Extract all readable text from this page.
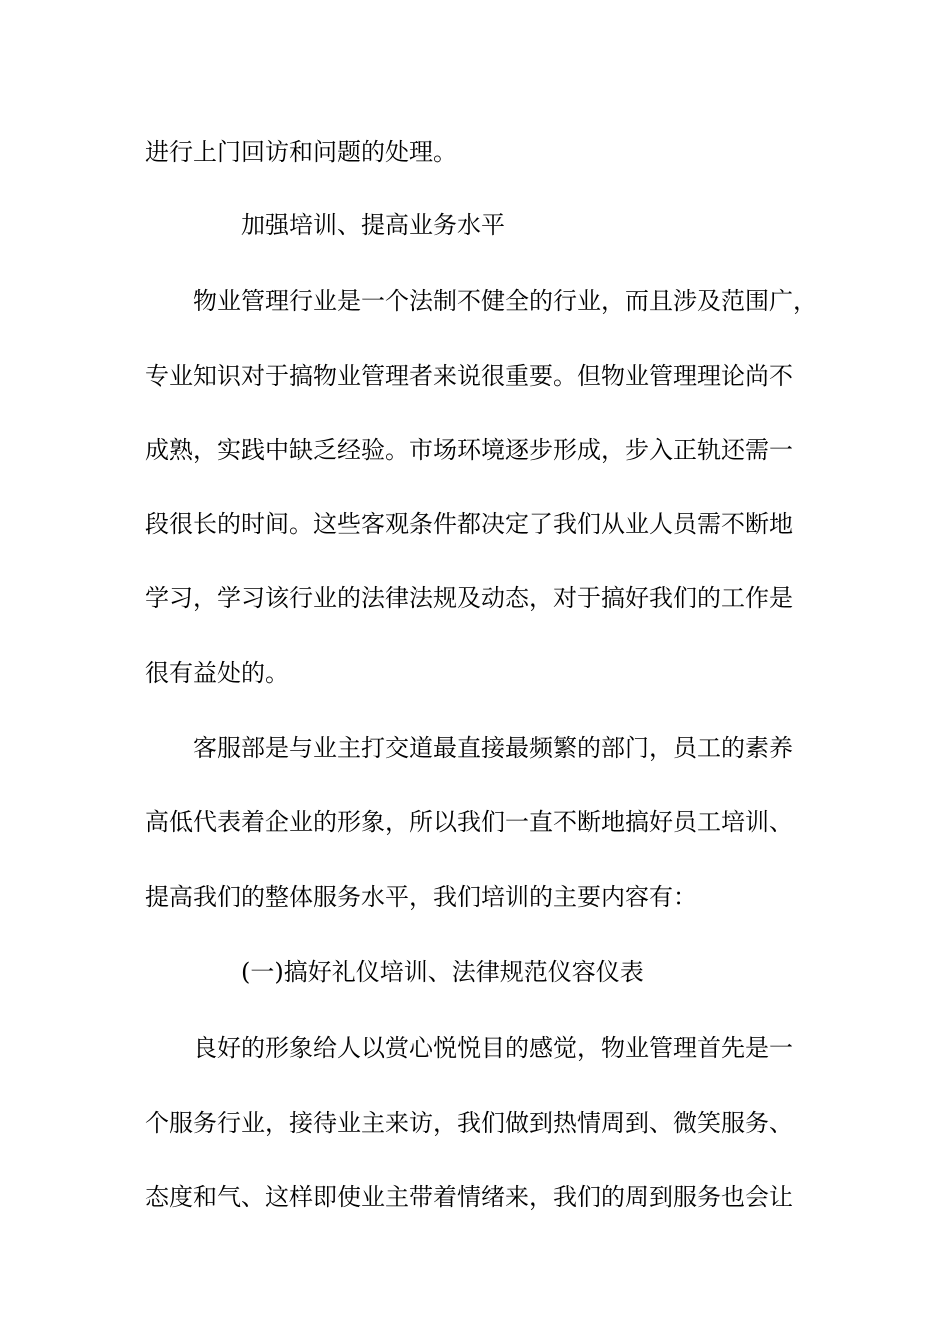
进行上门回访和问题的处理。
加强培训、提高业务水平
物业管理行业是一个法制不健全的行业，而且涉及范围广，
专业知识对于搞物业管理者来说很重要。但物业管理理论尚不
成熟，实践中缺乏经验。市场环境逐步形成，步入正轨还需一
段很长的时间。这些客观条件都决定了我们从业人员需不断地
学习，学习该行业的法律法规及动态，对于搞好我们的工作是
很有益处的。
客服部是与业主打交道最直接最频繁的部门，员工的素养
高低代表着企业的形象，所以我们一直不断地搞好员工培训、
提高我们的整体服务水平，我们培训的主要内容有：
(一)搞好礼仪培训、法律规范仪容仪表
良好的形象给人以赏心悦悦目的感觉，物业管理首先是一
个服务行业，接待业主来访，我们做到热情周到、微笑服务、
态度和气、这样即使业主带着情绪来，我们的周到服务也会让
